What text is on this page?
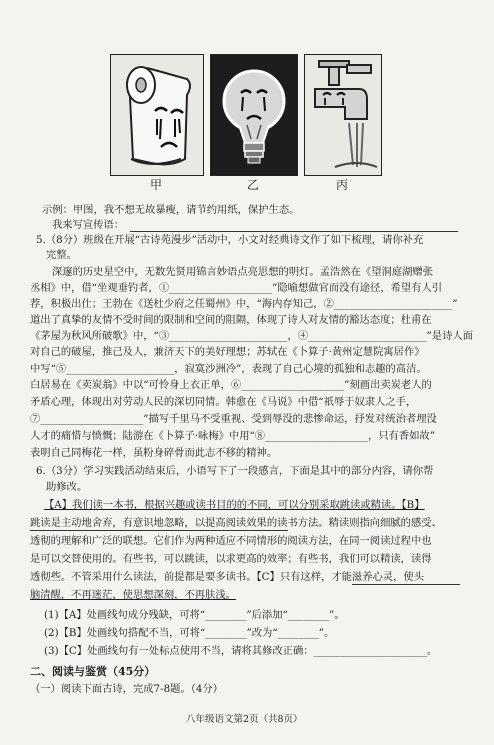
甲	乙	丙
示例：甲图，我不想无故暴瘦，请节约用纸，保护生态。
我来写宣传语：
5.（8分）班级在开展“古诗苑漫步”活动中，小文对经典诗文作了如下梳理，请你补充
完整。
深邃的历史星空中，无数先贤用锦言妙语点亮思想的明灯。孟浩然在《望洞庭湖赠张
丞相》中，借“坐观垂钓者，①____________________”隐喻想做官而没有途径，希望有人引
荐，积极出仕；王勃在《送杜少府之任蜀州》中，“海内存知己，②_______________________”
道出了真挚的友情不受时间的限制和空间的阻隔，体现了诗人对友情的豁达态度；杜甫在
《茅屋为秋风所破歌》中，“③_______________________，④_______________________”是诗人面
对自己的破屋，推己及人，兼济天下的美好理想；苏轼在《卜算子·黄州定慧院寓居作》
中写“⑤_____________________，寂寞沙洲冷”，表现了自己心境的孤独和志趣的高洁。
白居易在《卖炭翁》中以“可怜身上衣正单，⑥____________________”刻画出卖炭老人的
矛盾心理，体现出对劳动人民的深切同情。韩愈在《马说》中借“祇辱于奴隶人之手，
⑦____________________”描写千里马不受重视、受到辱没的悲惨命运，抒发对统治者埋没
人才的痛惜与愤慨；陆游在《卜算子·咏梅》中用“⑧____________________，只有香如故”
表明自己同梅花一样，虽粉身碎骨而此志不移的精神。
6.（3分）学习实践活动结束后，小语写下了一段感言，下面是其中的部分内容，请你帮
助修改。
【A】我们读一本书，根据兴趣或读书目的的不同，可以分别采取跳读或精读。【B】
跳读是主动地舍弃，有意识地忽略，以提高阅读效果的读书方法。精读则指向细腻的感受、
透彻的理解和广泛的联想。它们作为两种适应不同情形的阅读方法，在同一阅读过程中也
是可以交替使用的。有些书，可以跳读，以求更高的效率；有些书，我们可以精读，读得
透彻些。不管采用什么读法，前提都是要多读书。【C】只有这样，才能滋养心灵，使头
脑清醒，不再迷茫，使思想深刻，不再肤浅。
(1)【A】处画线句成分残缺，可将“________”后添加“________”。
(2)【B】处画线句搭配不当，可将“________”改为“________”。
(3)【C】处画线句有一处标点使用不当，请将其修改正确：______________________。
二、阅读与鉴赏（45分）
（一）阅读下面古诗，完成7-8题。（4分）
八年级语文第2页（共8页）
